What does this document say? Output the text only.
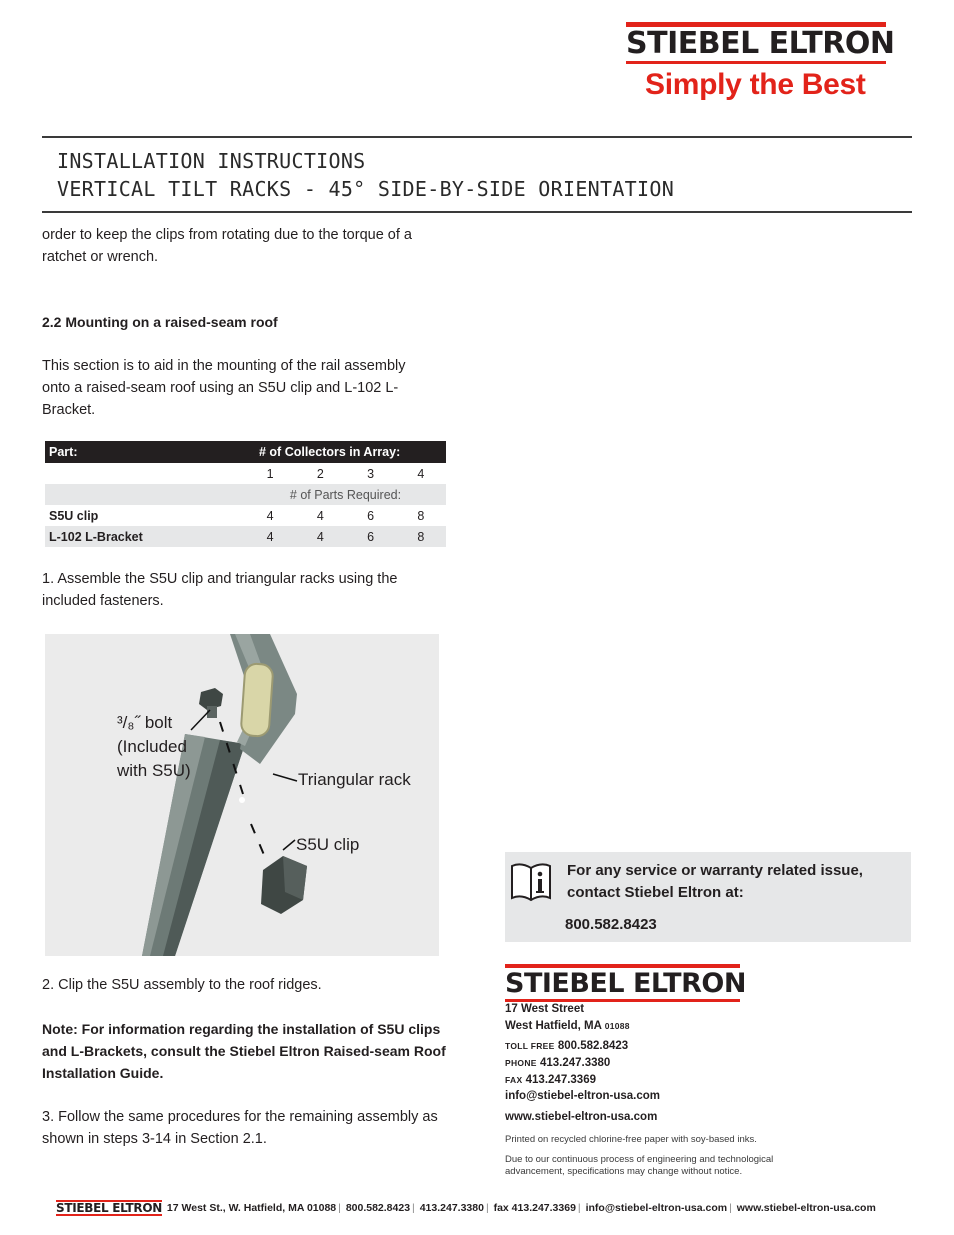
STIEBEL ELTRON
Simply the Best
INSTALLATION INSTRUCTIONS
VERTICAL TILT RACKS - 45° SIDE-BY-SIDE ORIENTATION

order to keep the clips from rotating due to the torque of a ratchet or wrench.

2.2 Mounting on a raised-seam roof

This section is to aid in the mounting of the rail assembly onto a raised-seam roof using an S5U clip and L-102 L-Bracket.

Part:	# of Collectors in Array:			
	1	2	3	4
	# of Parts Required:			
S5U clip	4	4	6	8
L-102 L-Bracket	4	4	6	8

1. Assemble the S5U clip and triangular racks using the included fasteners.

³/₈˝ bolt
(Included
with S5U)	Triangular rack
S5U clip

2. Clip the S5U assembly to the roof ridges.

Note: For information regarding the installation of S5U clips and L-Brackets, consult the Stiebel Eltron Raised-seam Roof Installation Guide.

3. Follow the same procedures for the remaining assembly as shown in steps 3-14 in Section 2.1.

For any service or warranty related issue, contact Stiebel Eltron at:
800.582.8423
STIEBEL ELTRON
17 West Street
West Hatfield, MA 01088
TOLL FREE 800.582.8423
PHONE 413.247.3380
FAX 413.247.3369
info@stiebel-eltron-usa.com
www.stiebel-eltron-usa.com
Printed on recycled chlorine-free paper with soy-based inks.
Due to our continuous process of engineering and technological advancement, specifications may change without notice.
STIEBEL ELTRON 17 West St., W. Hatfield, MA 01088 | 800.582.8423 | 413.247.3380 | fax 413.247.3369 | info@stiebel-eltron-usa.com | www.stiebel-eltron-usa.com
